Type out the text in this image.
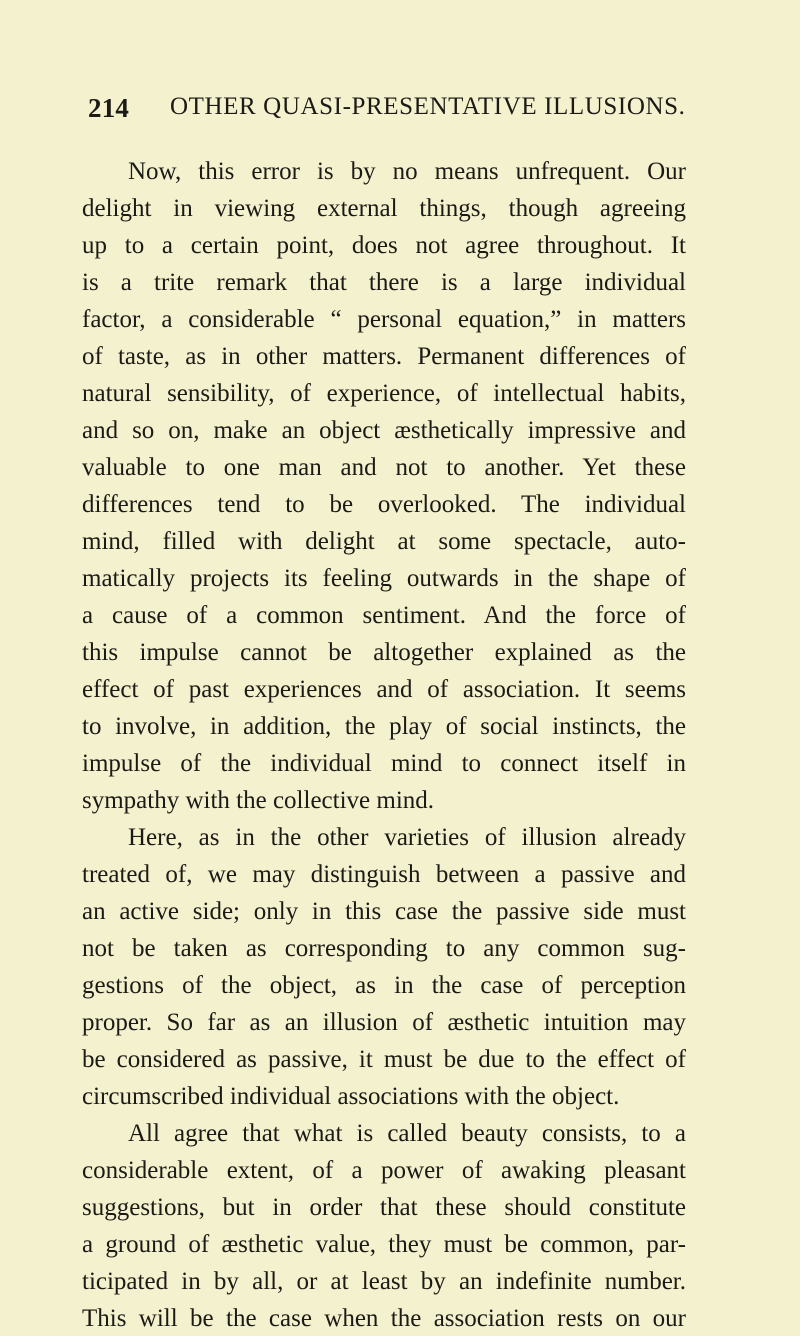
214 OTHER QUASI-PRESENTATIVE ILLUSIONS.
Now, this error is by no means unfrequent. Our
delight in viewing external things, though agreeing
up to a certain point, does not agree throughout. It
is a trite remark that there is a large individual
factor, a considerable “ personal equation,” in matters
of taste, as in other matters. Permanent differences of
natural sensibility, of experience, of intellectual habits,
and so on, make an object æsthetically impressive and
valuable to one man and not to another. Yet these
differences tend to be overlooked. The individual
mind, filled with delight at some spectacle, auto-
matically projects its feeling outwards in the shape of
a cause of a common sentiment. And the force of
this impulse cannot be altogether explained as the
effect of past experiences and of association. It seems
to involve, in addition, the play of social instincts, the
impulse of the individual mind to connect itself in
sympathy with the collective mind.
Here, as in the other varieties of illusion already
treated of, we may distinguish between a passive and
an active side; only in this case the passive side must
not be taken as corresponding to any common sug-
gestions of the object, as in the case of perception
proper. So far as an illusion of æsthetic intuition may
be considered as passive, it must be due to the effect of
circumscribed individual associations with the object.
All agree that what is called beauty consists, to a
considerable extent, of a power of awaking pleasant
suggestions, but in order that these should constitute
a ground of æsthetic value, they must be common, par-
ticipated in by all, or at least by an indefinite number.
This will be the case when the association rests on our
